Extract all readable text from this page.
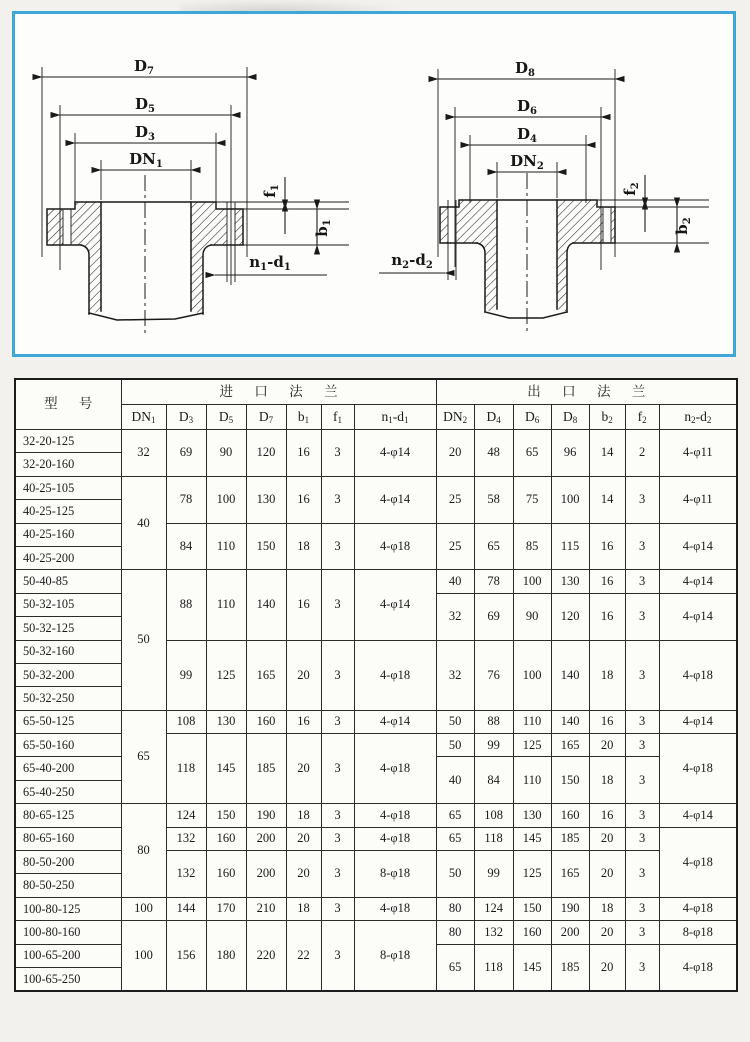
$D_7$
$D_5$
$D_3$
$DN_1$
$f_1$
$b_1$
$n_1-d_1$
$D_8$
$D_6$
$D_4$
$DN_2$
$f_2$
$b_2$
$n_2-d_2$
型 号	进 口 法 兰							出 口 法 兰						
	$DN_1$	$D_3$	$D_5$	$D_7$	$b_1$	$f_1$	$n_1-d_1$	$DN_2$	$D_4$	$D_6$	$D_8$	$b_2$	$f_2$	$n_2-d_2$
32-20-125	32	69	90	120	16	3	4-φ14	20	48	65	96	14	2	4-φ11
32-20-160														
40-25-105	40	78	100	130	16	3	4-φ14	25	58	75	100	14	3	4-φ11
40-25-125														
40-25-160		84	110	150	18	3	4-φ18	25	65	85	115	16	3	4-φ14
40-25-200														
50-40-85	50	88	110	140	16	3	4-φ14	40	78	100	130	16	3	4-φ14
50-32-105								32	69	90	120	16	3	4-φ14
50-32-125														
50-32-160		99	125	165	20	3	4-φ18	32	76	100	140	18	3	4-φ18
50-32-200														
50-32-250														
65-50-125	65	108	130	160	16	3	4-φ14	50	88	110	140	16	3	4-φ14
65-50-160		118	145	185	20	3	4-φ18	50	99	125	165	20	3	4-φ18
65-40-200								40	84	110	150	18	3	
65-40-250														
80-65-125	80	124	150	190	18	3	4-φ18	65	108	130	160	16	3	4-φ14
80-65-160		132	160	200	20	3	4-φ18	65	118	145	185	20	3	4-φ18
80-50-200		132	160	200	20	3	8-φ18	50	99	125	165	20	3	
80-50-250														
100-80-125	100	144	170	210	18	3	4-φ18	80	124	150	190	18	3	4-φ18
100-80-160	100	156	180	220	22	3	8-φ18	80	132	160	200	20	3	8-φ18
100-65-200								65	118	145	185	20	3	4-φ18
100-65-250														
